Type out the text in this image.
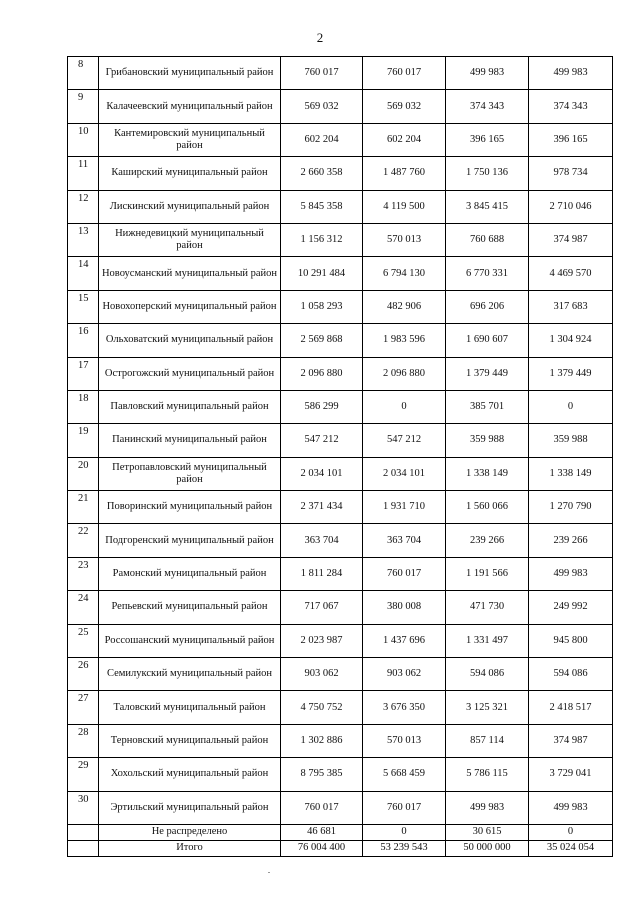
2
8	Грибановский муниципальный район	760 017	760 017	499 983	499 983
9	Калачеевский муниципальный район	569 032	569 032	374 343	374 343
10	Кантемировский муниципальный район	602 204	602 204	396 165	396 165
11	Каширский муниципальный район	2 660 358	1 487 760	1 750 136	978 734
12	Лискинский муниципальный район	5 845 358	4 119 500	3 845 415	2 710 046
13	Нижнедевицкий муниципальный район	1 156 312	570 013	760 688	374 987
14	Новоусманский муниципальный район	10 291 484	6 794 130	6 770 331	4 469 570
15	Новохоперский муниципальный район	1 058 293	482 906	696 206	317 683
16	Ольховатский муниципальный район	2 569 868	1 983 596	1 690 607	1 304 924
17	Острогожский муниципальный район	2 096 880	2 096 880	1 379 449	1 379 449
18	Павловский муниципальный район	586 299	0	385 701	0
19	Панинский муниципальный район	547 212	547 212	359 988	359 988
20	Петропавловский муниципальный район	2 034 101	2 034 101	1 338 149	1 338 149
21	Поворинский муниципальный район	2 371 434	1 931 710	1 560 066	1 270 790
22	Подгоренский муниципальный район	363 704	363 704	239 266	239 266
23	Рамонский муниципальный район	1 811 284	760 017	1 191 566	499 983
24	Репьевский муниципальный район	717 067	380 008	471 730	249 992
25	Россошанский муниципальный район	2 023 987	1 437 696	1 331 497	945 800
26	Семилукский муниципальный район	903 062	903 062	594 086	594 086
27	Таловский муниципальный район	4 750 752	3 676 350	3 125 321	2 418 517
28	Терновский муниципальный район	1 302 886	570 013	857 114	374 987
29	Хохольский муниципальный район	8 795 385	5 668 459	5 786 115	3 729 041
30	Эртильский муниципальный район	760 017	760 017	499 983	499 983
	Не распределено	46 681	0	30 615	0
	Итого	76 004 400	53 239 543	50 000 000	35 024 054
